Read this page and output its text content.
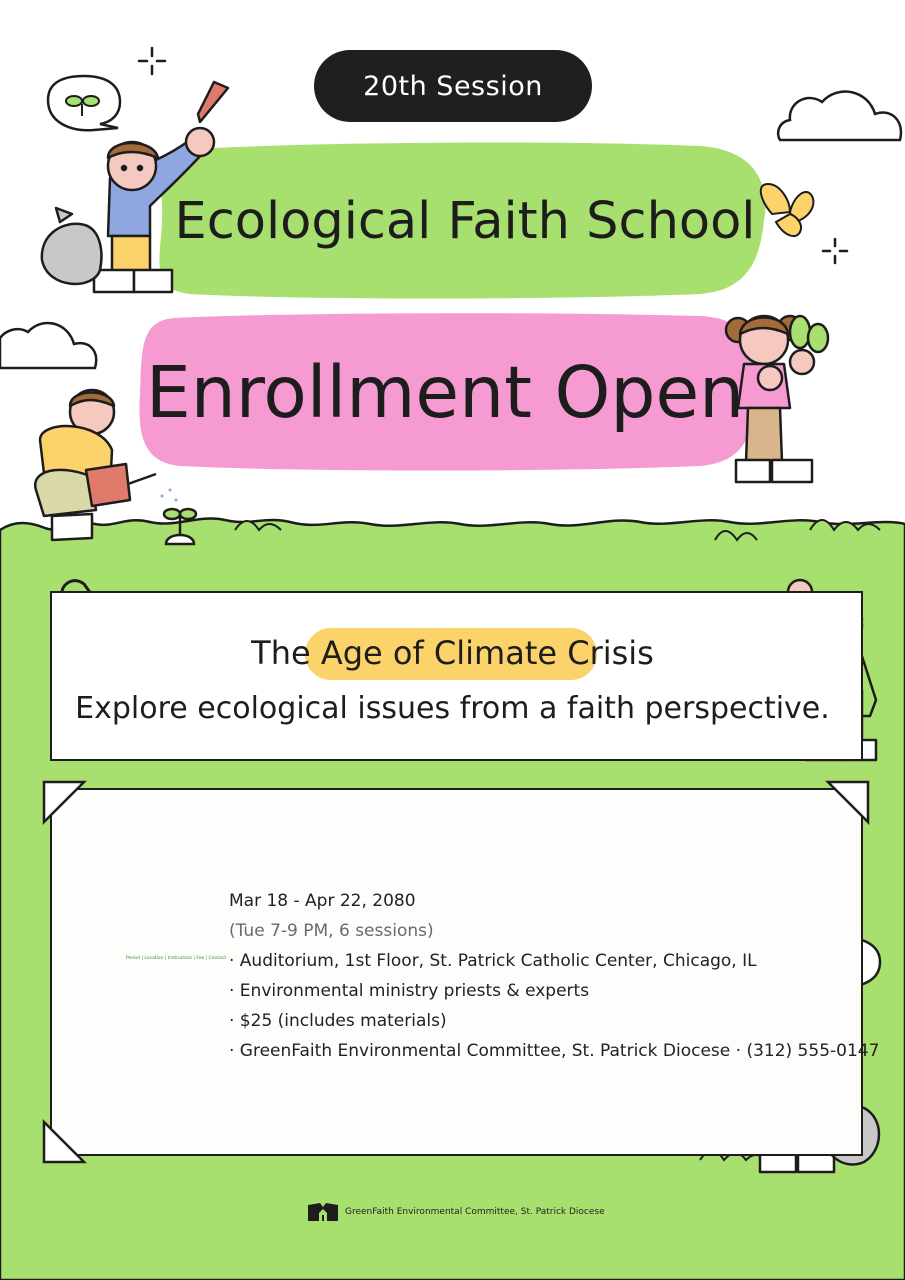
20th Session
Ecological Faith School
Enrollment Open
The Age of Climate Crisis
Explore ecological issues from a faith perspective.
Period | Location | Instructors | Fee | Contact
Mar 18 - Apr 22, 2080
(Tue 7-9 PM, 6 sessions)
· Auditorium, 1st Floor, St. Patrick Catholic Center, Chicago, IL
· Environmental ministry priests & experts
· $25 (includes materials)
· GreenFaith Environmental Committee, St. Patrick Diocese · (312) 555-0147
GreenFaith Environmental Committee, St. Patrick Diocese
